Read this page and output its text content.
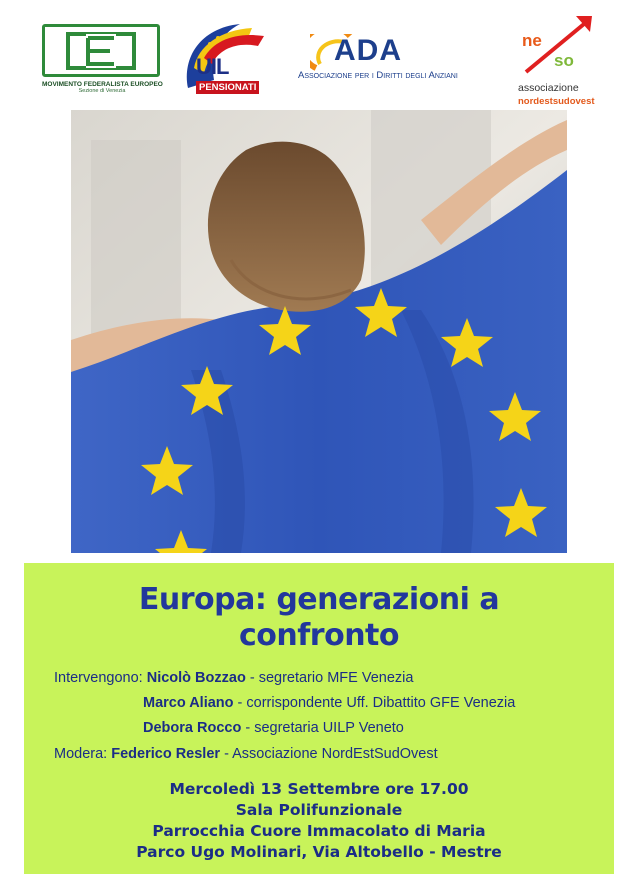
MOVIMENTO FEDERALISTA EUROPEO
Sezione di Venezia
UIL
PENSIONATI
ADA
Associazione per i Diritti degli Anziani
ne
so
associazione
nordestsudovest
Europa: generazioni a
confronto
Intervengono: Nicolò Bozzao - segretario MFE Venezia
Marco Aliano - corrispondente Uff. Dibattito GFE Venezia
Debora Rocco - segretaria UILP Veneto
Modera: Federico Resler - Associazione NordEstSudOvest
Mercoledì 13 Settembre ore 17.00
Sala Polifunzionale
Parrocchia Cuore Immacolato di Maria
Parco Ugo Molinari, Via Altobello - Mestre
